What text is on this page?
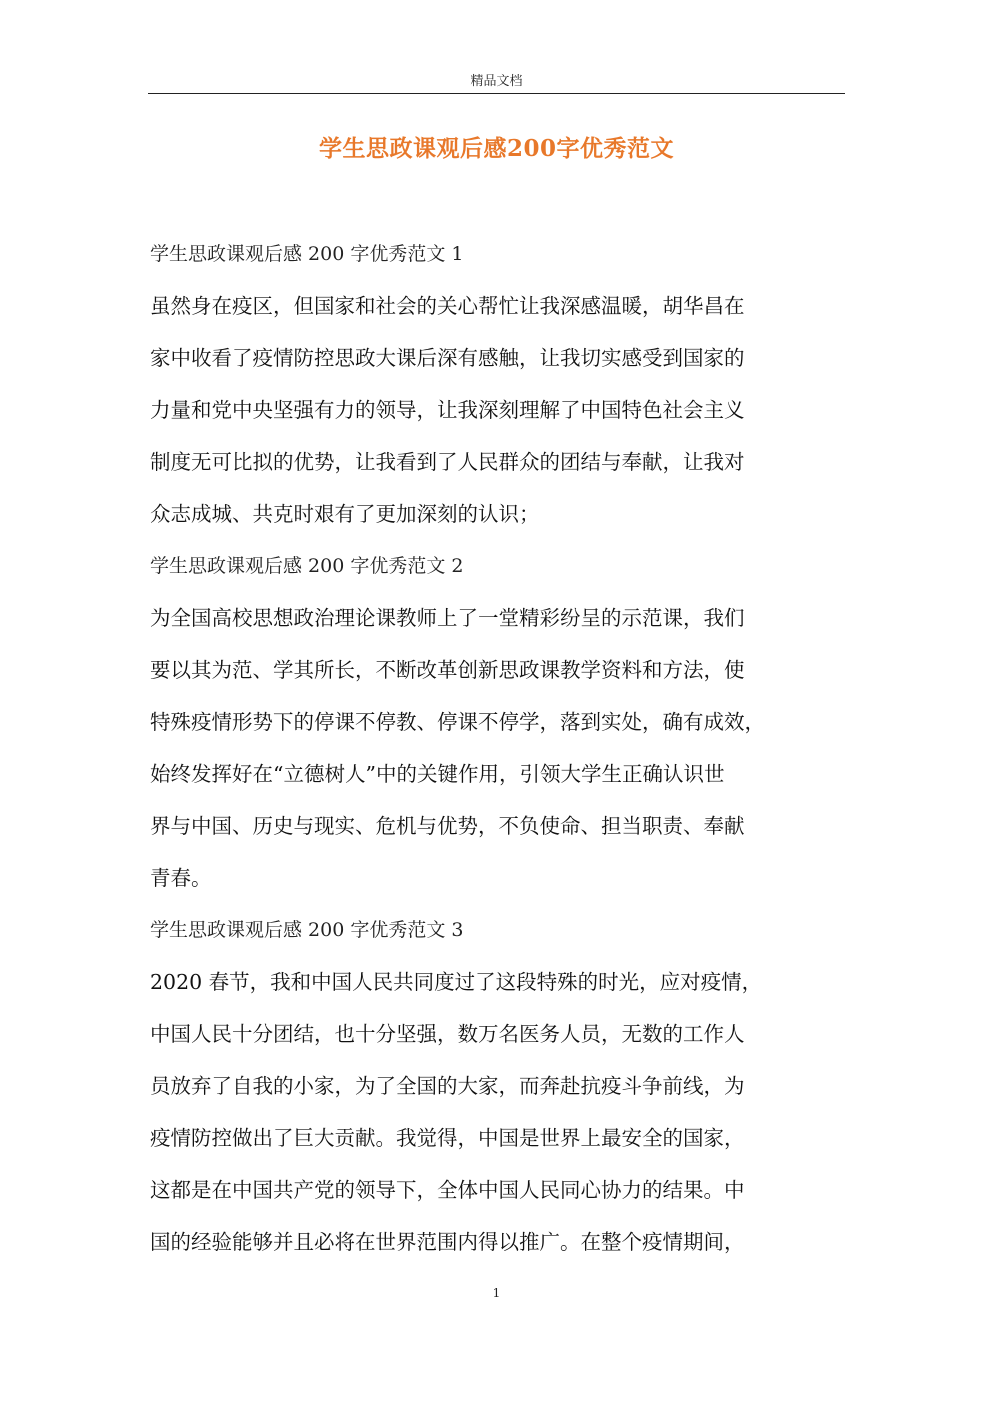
精品文档
学生思政课观后感200字优秀范文
学生思政课观后感 200 字优秀范文 1
虽然身在疫区，但国家和社会的关心帮忙让我深感温暖，胡华昌在
家中收看了疫情防控思政大课后深有感触，让我切实感受到国家的
力量和党中央坚强有力的领导，让我深刻理解了中国特色社会主义
制度无可比拟的优势，让我看到了人民群众的团结与奉献，让我对
众志成城、共克时艰有了更加深刻的认识；
学生思政课观后感 200 字优秀范文 2
为全国高校思想政治理论课教师上了一堂精彩纷呈的示范课，我们
要以其为范、学其所长，不断改革创新思政课教学资料和方法，使
特殊疫情形势下的停课不停教、停课不停学，落到实处，确有成效，
始终发挥好在“立德树人”中的关键作用，引领大学生正确认识世
界与中国、历史与现实、危机与优势，不负使命、担当职责、奉献
青春。
学生思政课观后感 200 字优秀范文 3
2020 春节，我和中国人民共同度过了这段特殊的时光，应对疫情，
中国人民十分团结，也十分坚强，数万名医务人员，无数的工作人
员放弃了自我的小家，为了全国的大家，而奔赴抗疫斗争前线，为
疫情防控做出了巨大贡献。我觉得，中国是世界上最安全的国家，
这都是在中国共产党的领导下，全体中国人民同心协力的结果。中
国的经验能够并且必将在世界范围内得以推广。在整个疫情期间，
1
